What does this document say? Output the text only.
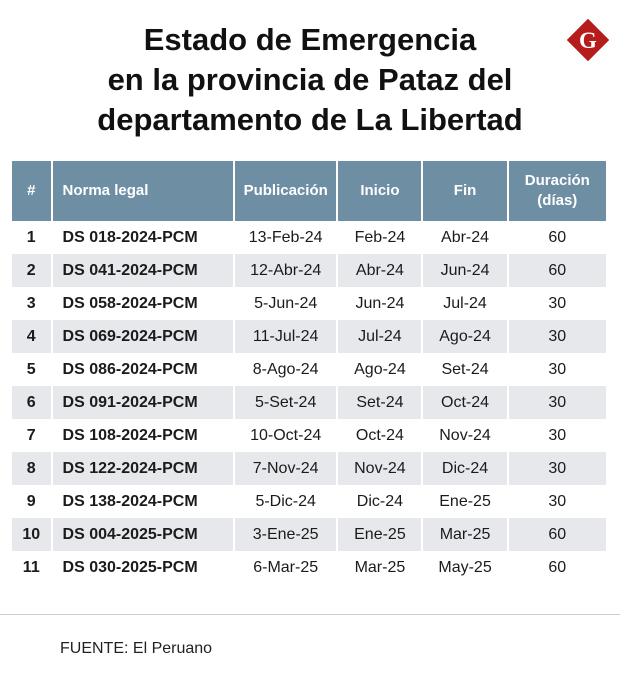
Estado de Emergencia
en la provincia de Pataz del
departamento de La Libertad
G
#	Norma legal	Publicación	Inicio	Fin	Duración
(días)

1	DS 018-2024-PCM	13-Feb-24	Feb-24	Abr-24	60
2	DS 041-2024-PCM	12-Abr-24	Abr-24	Jun-24	60
3	DS 058-2024-PCM	5-Jun-24	Jun-24	Jul-24	30
4	DS 069-2024-PCM	11-Jul-24	Jul-24	Ago-24	30
5	DS 086-2024-PCM	8-Ago-24	Ago-24	Set-24	30
6	DS 091-2024-PCM	5-Set-24	Set-24	Oct-24	30
7	DS 108-2024-PCM	10-Oct-24	Oct-24	Nov-24	30
8	DS 122-2024-PCM	7-Nov-24	Nov-24	Dic-24	30
9	DS 138-2024-PCM	5-Dic-24	Dic-24	Ene-25	30
10	DS 004-2025-PCM	3-Ene-25	Ene-25	Mar-25	60
11	DS 030-2025-PCM	6-Mar-25	Mar-25	May-25	60
FUENTE: El Peruano
